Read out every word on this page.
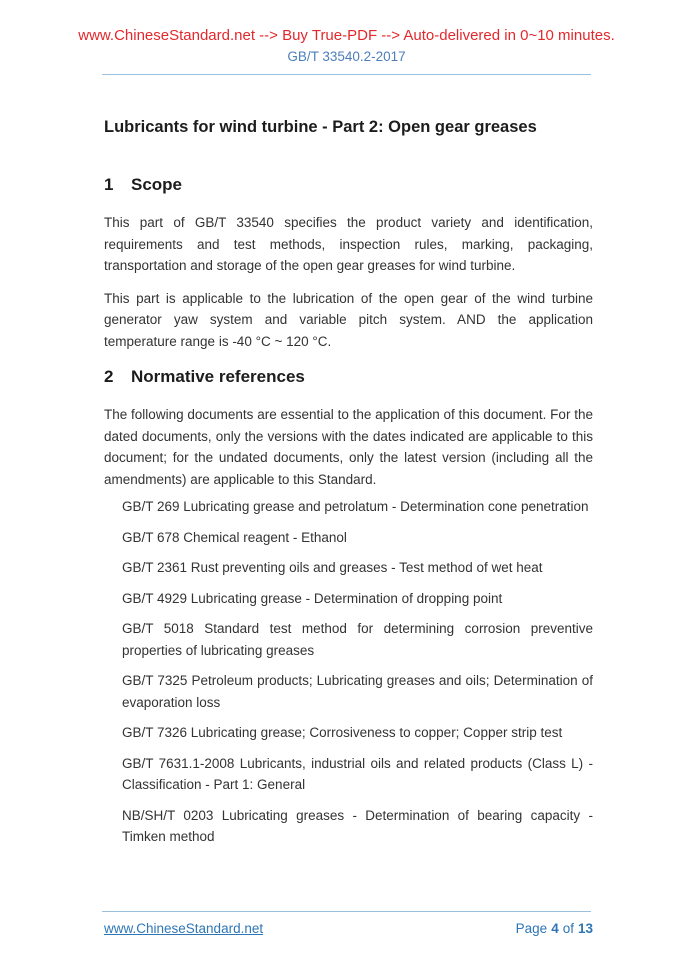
www.ChineseStandard.net --> Buy True-PDF --> Auto-delivered in 0~10 minutes.
GB/T 33540.2-2017
Lubricants for wind turbine - Part 2: Open gear greases
1 Scope

This part of GB/T 33540 specifies the product variety and identification, requirements and test methods, inspection rules, marking, packaging, transportation and storage of the open gear greases for wind turbine.

This part is applicable to the lubrication of the open gear of the wind turbine generator yaw system and variable pitch system. AND the application temperature range is -40 °C ~ 120 °C.

2 Normative references

The following documents are essential to the application of this document. For the dated documents, only the versions with the dates indicated are applicable to this document; for the undated documents, only the latest version (including all the amendments) are applicable to this Standard.

GB/T 269 Lubricating grease and petrolatum - Determination cone penetration

GB/T 678 Chemical reagent - Ethanol

GB/T 2361 Rust preventing oils and greases - Test method of wet heat

GB/T 4929 Lubricating grease - Determination of dropping point

GB/T 5018 Standard test method for determining corrosion preventive properties of lubricating greases

GB/T 7325 Petroleum products; Lubricating greases and oils; Determination of evaporation loss

GB/T 7326 Lubricating grease; Corrosiveness to copper; Copper strip test

GB/T 7631.1-2008 Lubricants, industrial oils and related products (Class L) - Classification - Part 1: General

NB/SH/T 0203 Lubricating greases - Determination of bearing capacity - Timken method

www.ChineseStandard.net	Page 4 of 13
